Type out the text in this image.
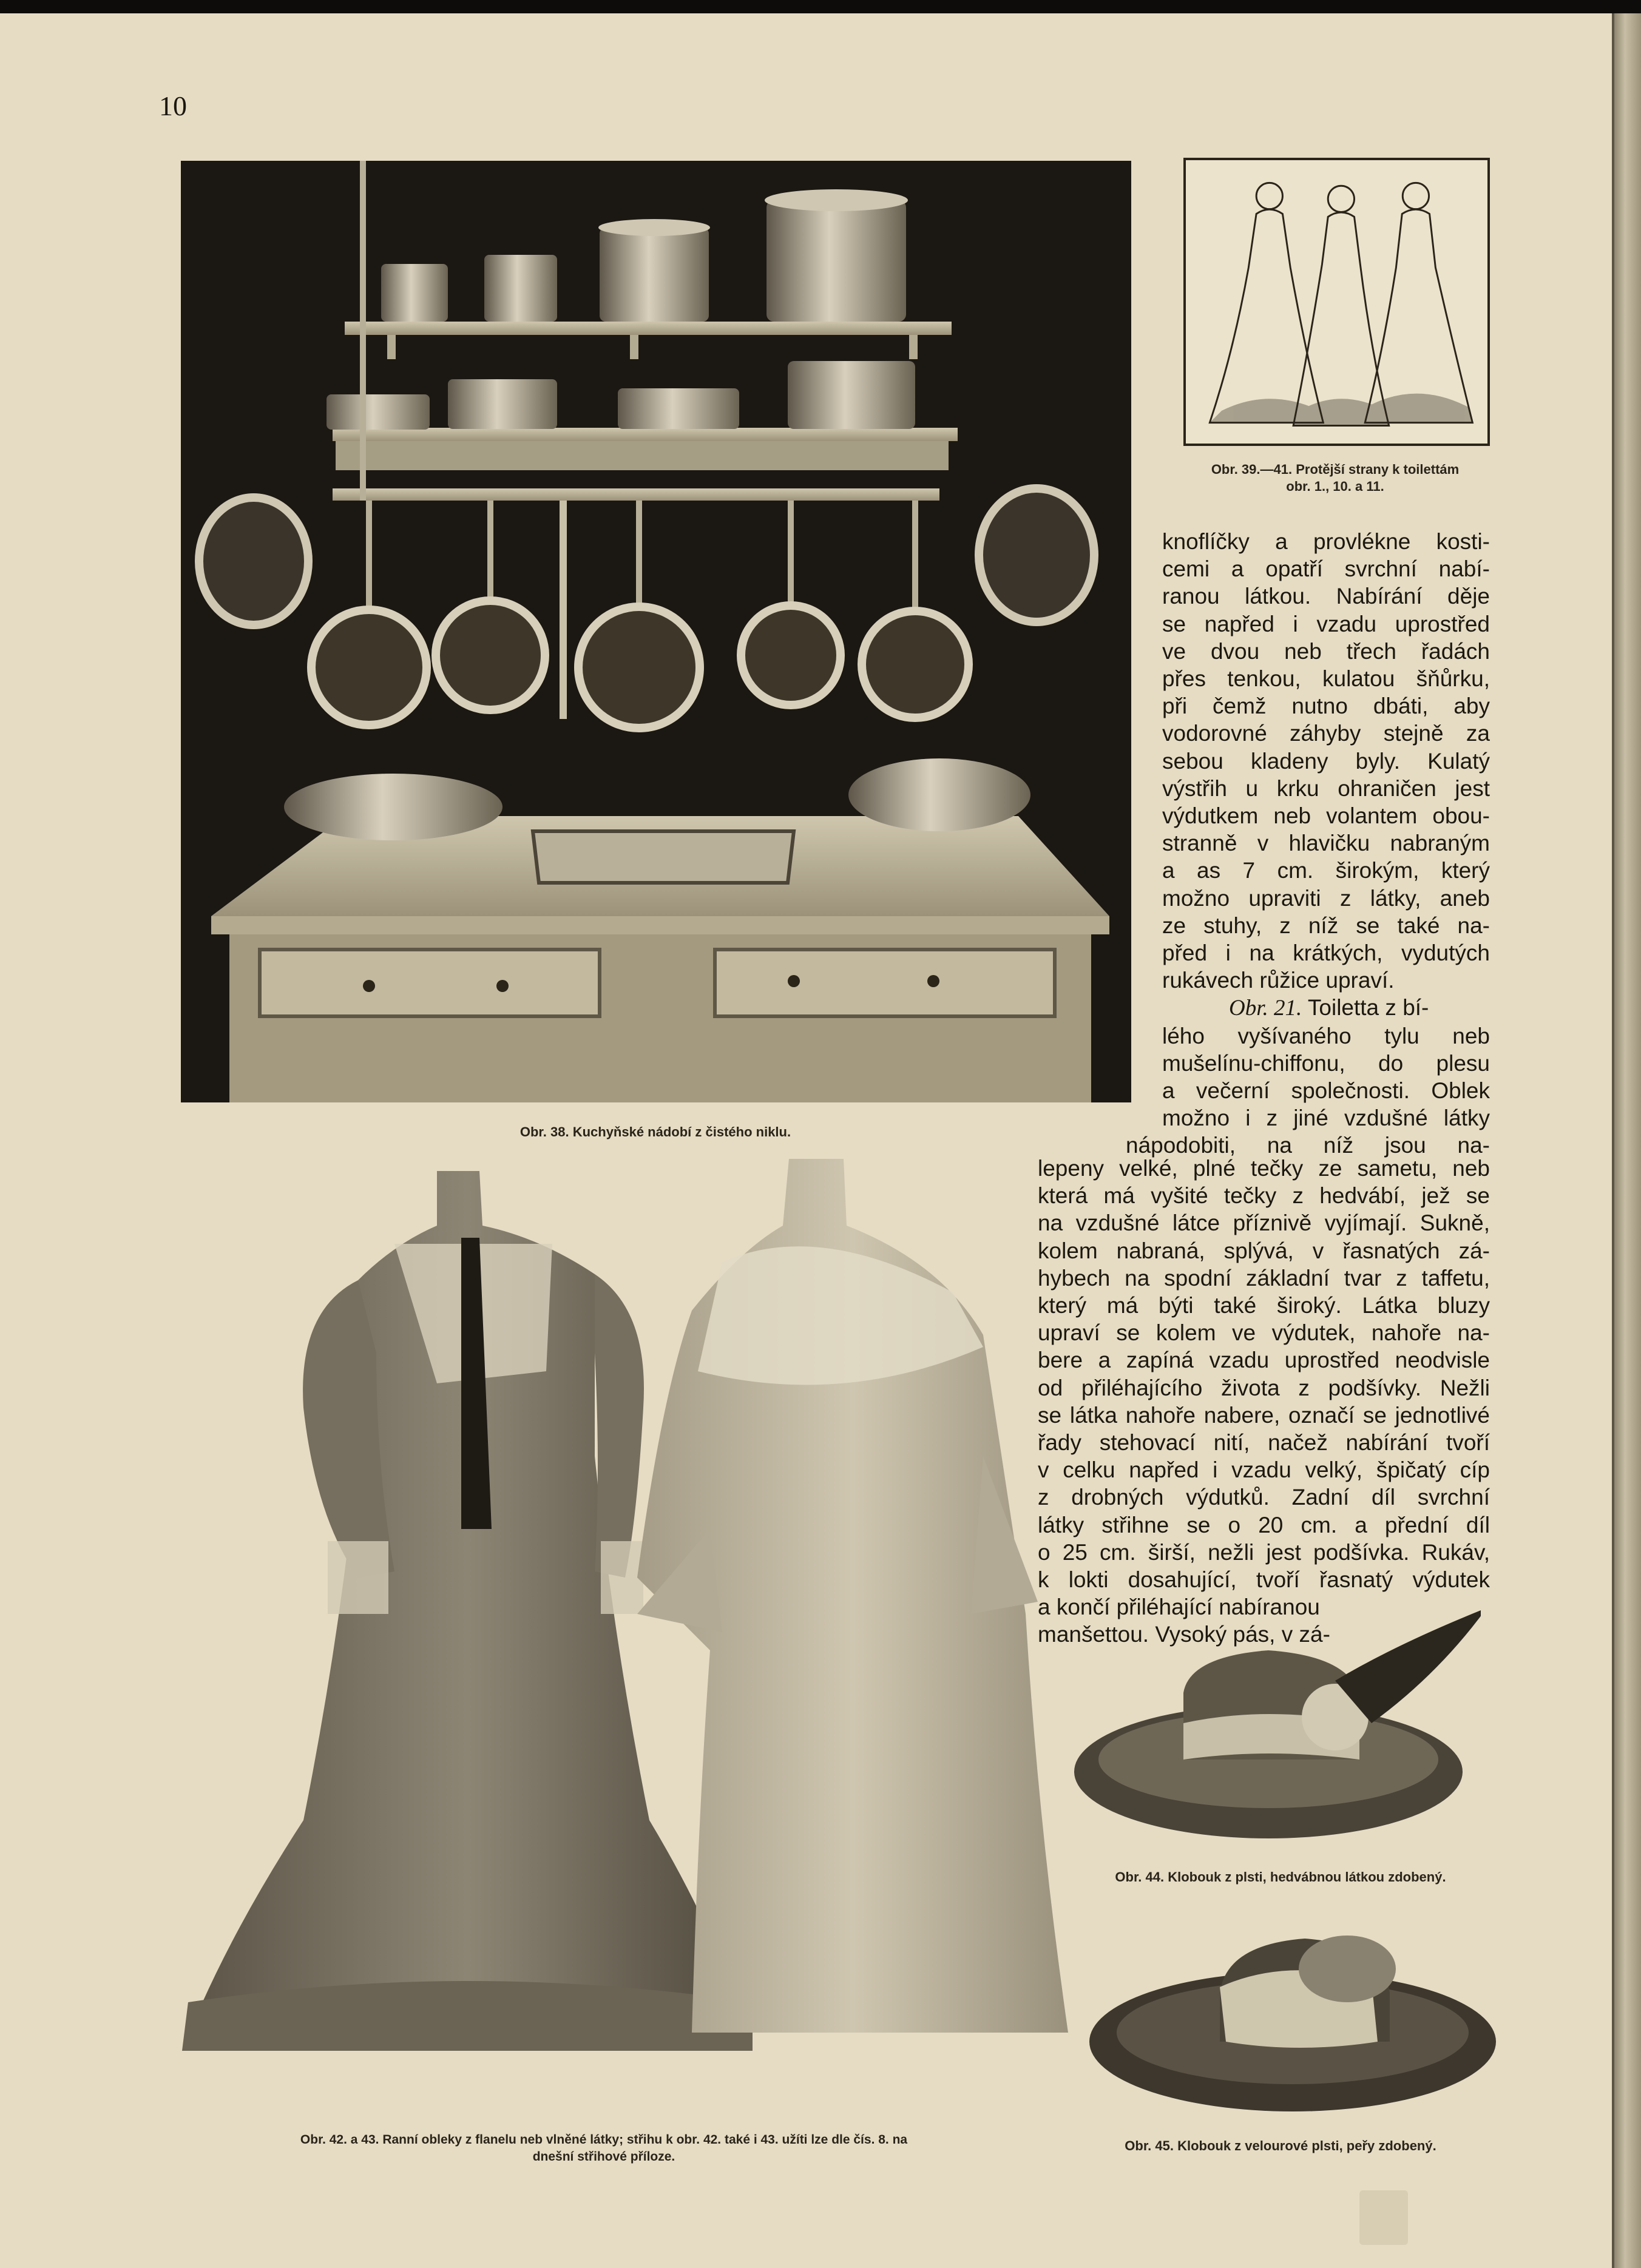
10
Obr. 38. Kuchyňské nádobí z čistého niklu.
Obr. 39.—41. Protější strany k toilettám
obr. 1., 10. a 11.
knoflíčky a provlékne kosti-
cemi a opatří svrchní nabí-
ranou látkou. Nabírání děje
se napřed i vzadu uprostřed
ve dvou neb třech řadách
přes tenkou, kulatou šňůrku,
při čemž nutno dbáti, aby
vodorovné záhyby stejně za
sebou kladeny byly. Kulatý
výstřih u krku ohraničen jest
výdutkem neb volantem obou-
stranně v hlavičku nabraným
a as 7 cm. širokým, který
možno upraviti z látky, aneb
ze stuhy, z níž se také na-
před i na krátkých, vydutých
rukávech růžice upraví.
Obr. 21. Toiletta z bí-
lého vyšívaného tylu neb
mušelínu-chiffonu, do plesu
a večerní společnosti. Oblek
možno i z jiné vzdušné látky
nápodobiti, na níž jsou na-
lepeny velké, plné tečky ze sametu, neb
která má vyšité tečky z hedvábí, jež se
na vzdušné látce příznivě vyjímají. Sukně,
kolem nabraná, splývá, v řasnatých zá-
hybech na spodní základní tvar z taffetu,
který má býti také široký. Látka bluzy
upraví se kolem ve výdutek, nahoře na-
bere a zapíná vzadu uprostřed neodvisle
od přiléhajícího života z podšívky. Nežli
se látka nahoře nabere, označí se jednotlivé
řady stehovací nití, načež nabírání tvoří
v celku napřed i vzadu velký, špičatý cíp
z drobných výdutků. Zadní díl svrchní
látky střihne se o 20 cm. a přední díl
o 25 cm. širší, nežli jest podšívka. Rukáv,
k lokti dosahující, tvoří řasnatý výdutek
a končí přiléhající nabíranou
manšettou. Vysoký pás, v zá-
Obr. 42. a 43. Ranní obleky z flanelu neb vlněné látky; střihu k obr. 42. také i 43. užíti lze dle čís. 8. na
dnešní střihové příloze.
Obr. 44. Klobouk z plsti, hedvábnou látkou zdobený.
Obr. 45. Klobouk z velourové plsti, peřy zdobený.
